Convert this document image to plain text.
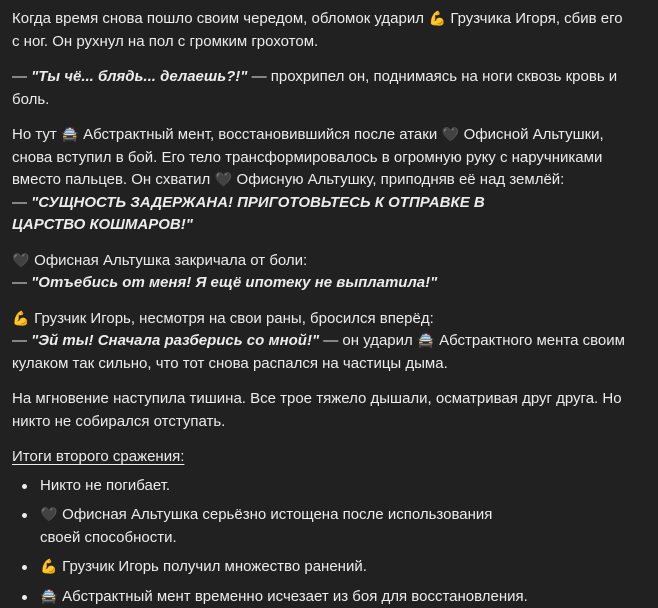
Когда время снова пошло своим чередом, обломок ударил 💪 Грузчика Игоря, сбив его
с ног. Он рухнул на пол с громким грохотом.

— "Ты чё... блядь... делаешь?!" — прохрипел он, поднимаясь на ноги сквозь кровь и боль.

Но тут 🚔 Абстрактный мент, восстановившийся после атаки 🖤 Офисной Альтушки,
снова вступил в бой. Его тело трансформировалось в огромную руку с наручниками
вместо пальцев. Он схватил 🖤 Офисную Альтушку, приподняв её над землёй:
— "СУЩНОСТЬ ЗАДЕРЖАНА! ПРИГОТОВЬТЕСЬ К ОТПРАВКЕ В
ЦАРСТВО КОШМАРОВ!"

🖤 Офисная Альтушка закричала от боли:
— "Отъебись от меня! Я ещё ипотеку не выплатила!"

💪 Грузчик Игорь, несмотря на свои раны, бросился вперёд:
— "Эй ты! Сначала разберись со мной!" — он ударил 🚔 Абстрактного мента своим
кулаком так сильно, что тот снова распался на частицы дыма.

На мгновение наступила тишина. Все трое тяжело дышали, осматривая друг друга. Но
никто не собирался отступать.

Итоги второго сражения:

Никто не погибает.
🖤 Офисная Альтушка серьёзно истощена после использования
своей способности.
💪 Грузчик Игорь получил множество ранений.
🚔 Абстрактный мент временно исчезает из боя для восстановления.
